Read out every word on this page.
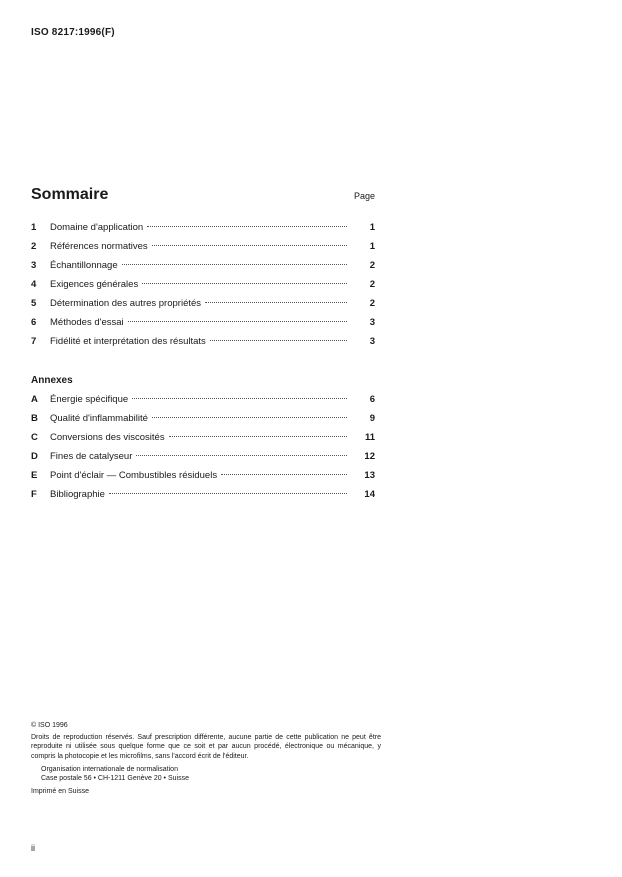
ISO 8217:1996(F)
Sommaire	Page
1	Domaine d'application	1
2	Références normatives	1
3	Échantillonnage	2
4	Exigences générales	2
5	Détermination des autres propriétés	2
6	Méthodes d'essai	3
7	Fidélité et interprétation des résultats	3
Annexes
A	Énergie spécifique	6
B	Qualité d'inflammabilité	9
C	Conversions des viscosités	11
D	Fines de catalyseur	12
E	Point d'éclair — Combustibles résiduels	13
F	Bibliographie	14

© ISO 1996

Droits de reproduction réservés. Sauf prescription différente, aucune partie de cette publication ne peut être reproduite ni utilisée sous quelque forme que ce soit et par aucun procédé, électronique ou mécanique, y compris la photocopie et les microfilms, sans l'accord écrit de l'éditeur.

Organisation internationale de normalisation

Case postale 56 • CH-1211 Genève 20 • Suisse

Imprimé en Suisse

ii
